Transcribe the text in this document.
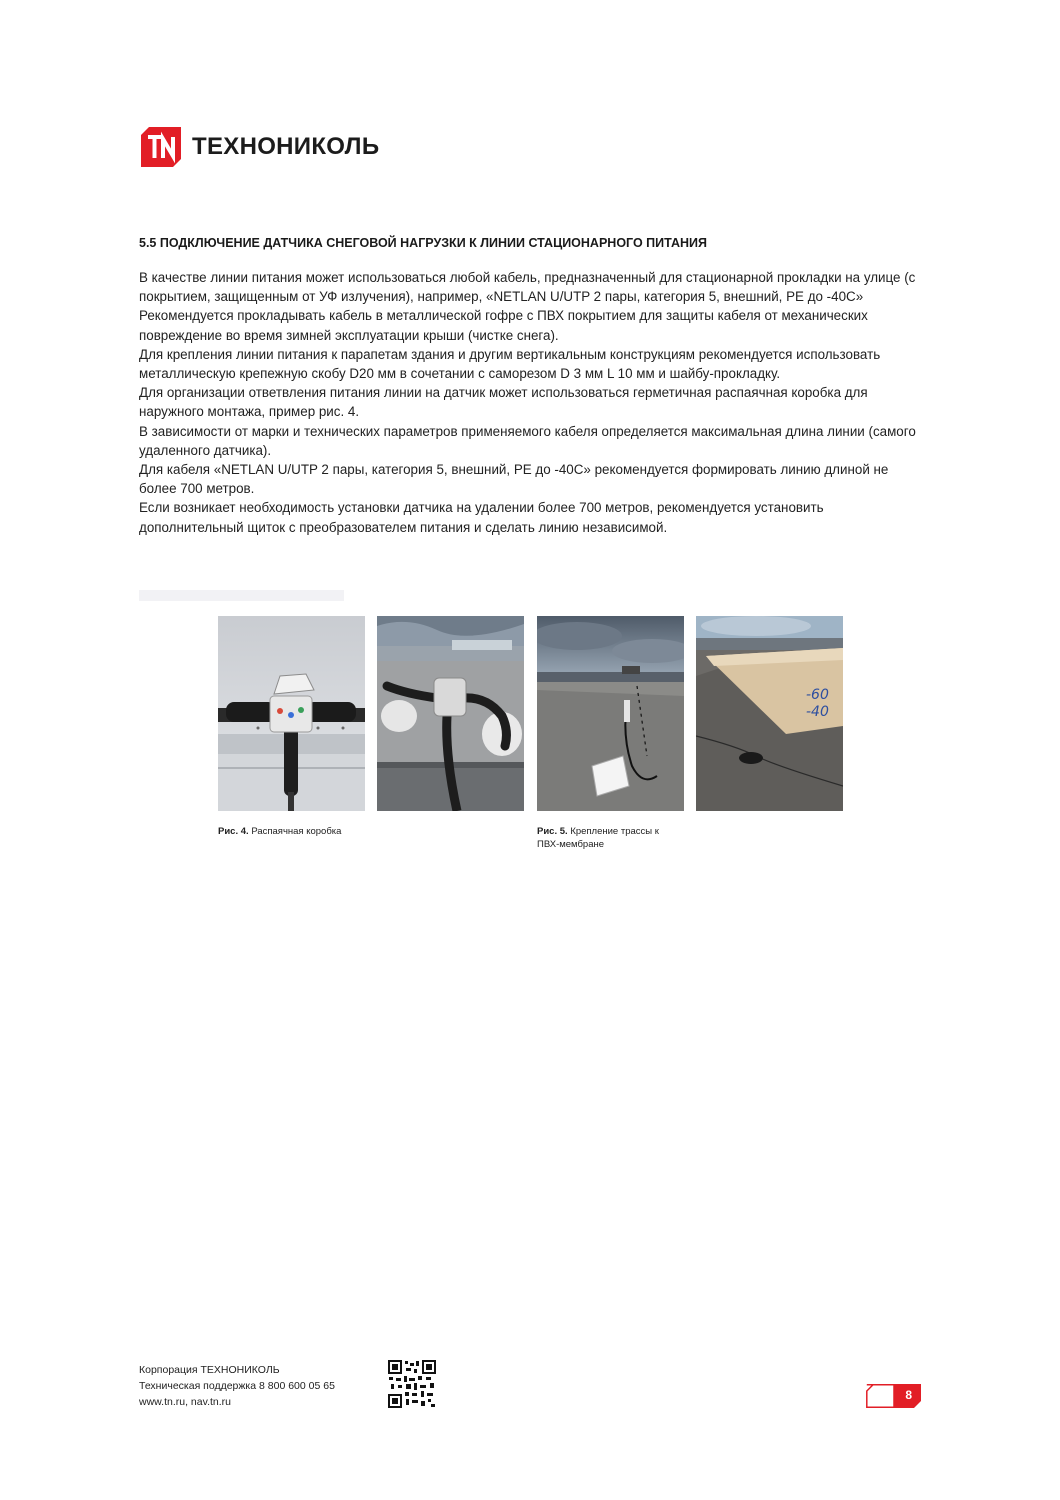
ТЕХНОНИКОЛЬ
5.5 ПОДКЛЮЧЕНИЕ ДАТЧИКА СНЕГОВОЙ НАГРУЗКИ К ЛИНИИ СТАЦИОНАРНОГО ПИТАНИЯ

В качестве линии питания может использоваться любой кабель, предназначенный для стационарной прокладки на улице (с покрытием, защищенным от УФ излучения), например, «NETLAN U/UTP 2 пары, категория 5, внешний, PE до -40С»

Рекомендуется прокладывать кабель в металлической гофре с ПВХ покрытием для защиты кабеля от механических повреждение во время зимней эксплуатации крыши (чистке снега).

Для крепления линии питания к парапетам здания и другим вертикальным конструкциям рекомендуется использовать металлическую крепежную скобу D20 мм в сочетании с саморезом D 3 мм L 10 мм и шайбу-прокладку.

Для организации ответвления питания линии на датчик может использоваться герметичная распаячная коробка для наружного монтажа, пример рис. 4.

В зависимости от марки и технических параметров применяемого кабеля определяется максимальная длина линии (самого удаленного датчика).

Для кабеля «NETLAN U/UTP 2 пары, категория 5, внешний, PE до -40С» рекомендуется формировать линию длиной не более 700 метров.

Если возникает необходимость установки датчика на удалении более 700 метров, рекомендуется установить дополнительный щиток с преобразователем питания и сделать линию независимой.

-60
-40
Рис. 4. Распаячная коробка	Рис. 5. Крепление трассы к ПВХ-мембране
Корпорация ТЕХНОНИКОЛЬ
Техническая поддержка 8 800 600 05 65
www.tn.ru, nav.tn.ru	8
